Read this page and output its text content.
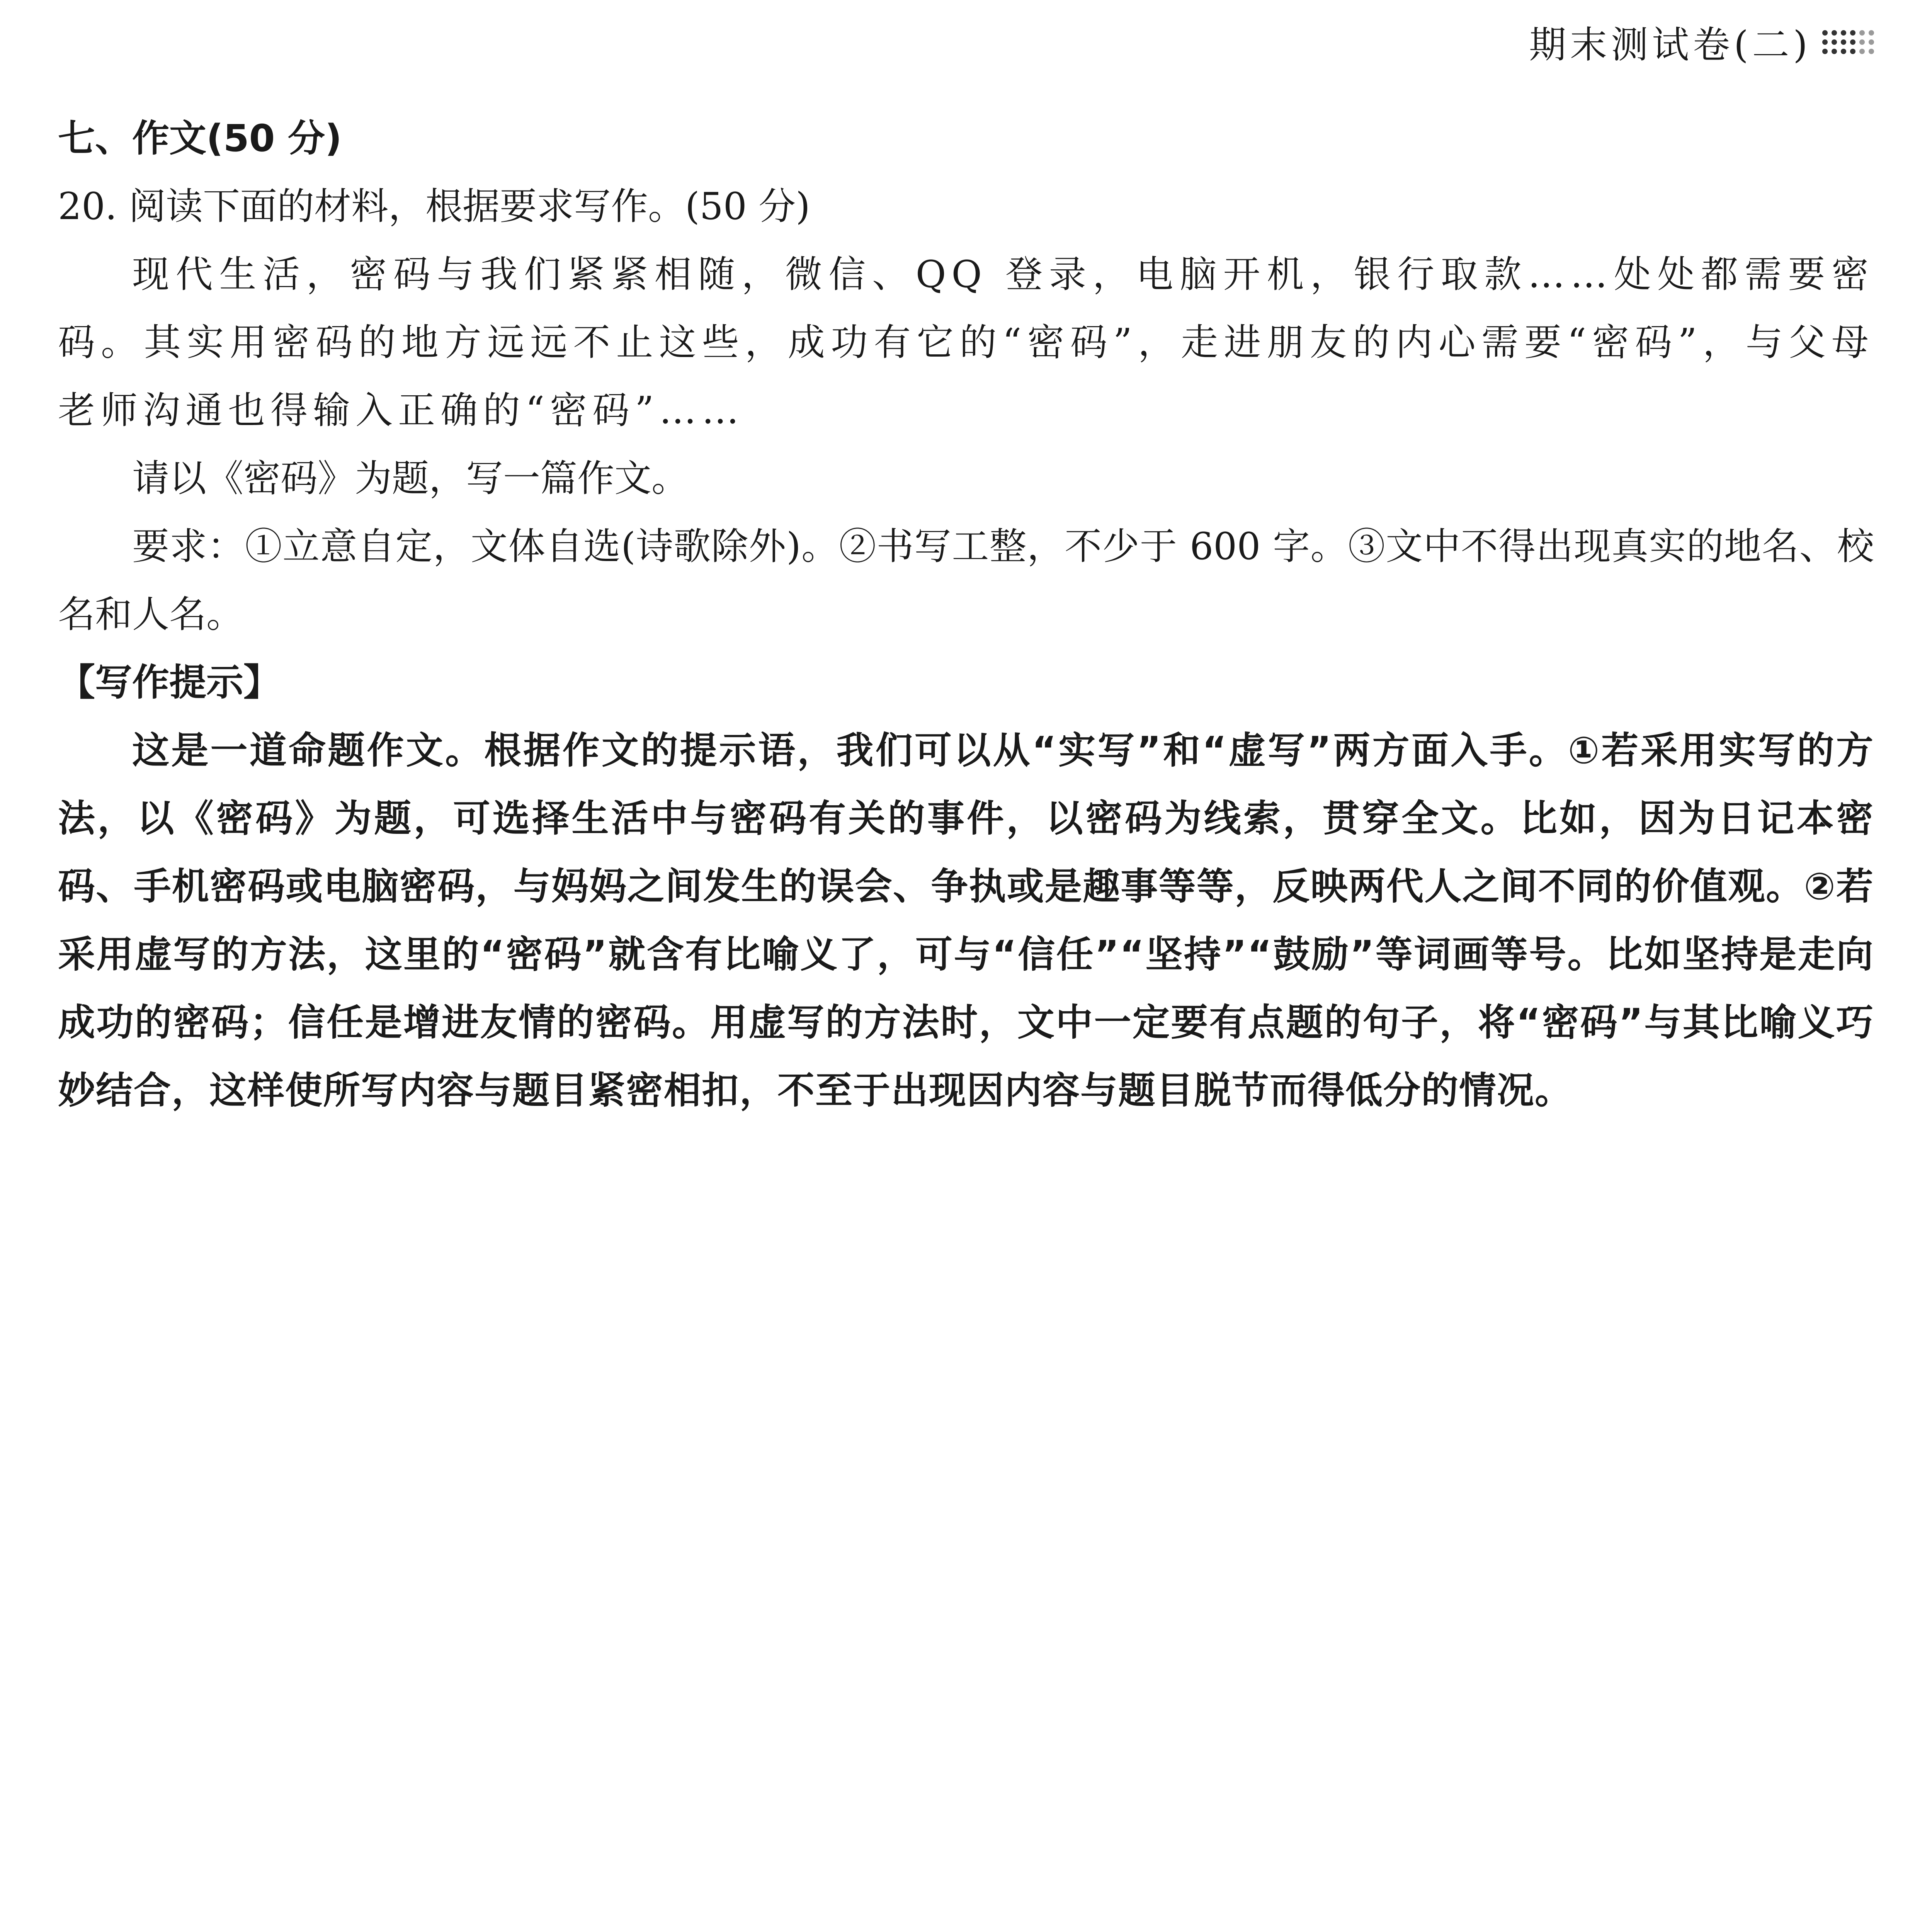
期末测试卷(二)
七、作文(50 分)
20. 阅读下面的材料，根据要求写作。(50 分)

现代生活，密码与我们紧紧相随，微信、QQ 登录，电脑开机，银行取款……处处都需要密码。其实用密码的地方远远不止这些，成功有它的“密码”，走进朋友的内心需要“密码”，与父母老师沟通也得输入正确的“密码”……

请以《密码》为题，写一篇作文。

要求：①立意自定，文体自选(诗歌除外)。②书写工整，不少于 600 字。③文中不得出现真实的地名、校名和人名。

【写作提示】

这是一道命题作文。根据作文的提示语，我们可以从“实写”和“虚写”两方面入手。①若采用实写的方法，以《密码》为题，可选择生活中与密码有关的事件，以密码为线索，贯穿全文。比如，因为日记本密码、手机密码或电脑密码，与妈妈之间发生的误会、争执或是趣事等等，反映两代人之间不同的价值观。②若采用虚写的方法，这里的“密码”就含有比喻义了，可与“信任”“坚持”“鼓励”等词画等号。比如坚持是走向成功的密码；信任是增进友情的密码。用虚写的方法时，文中一定要有点题的句子，将“密码”与其比喻义巧妙结合，这样使所写内容与题目紧密相扣，不至于出现因内容与题目脱节而得低分的情况。
